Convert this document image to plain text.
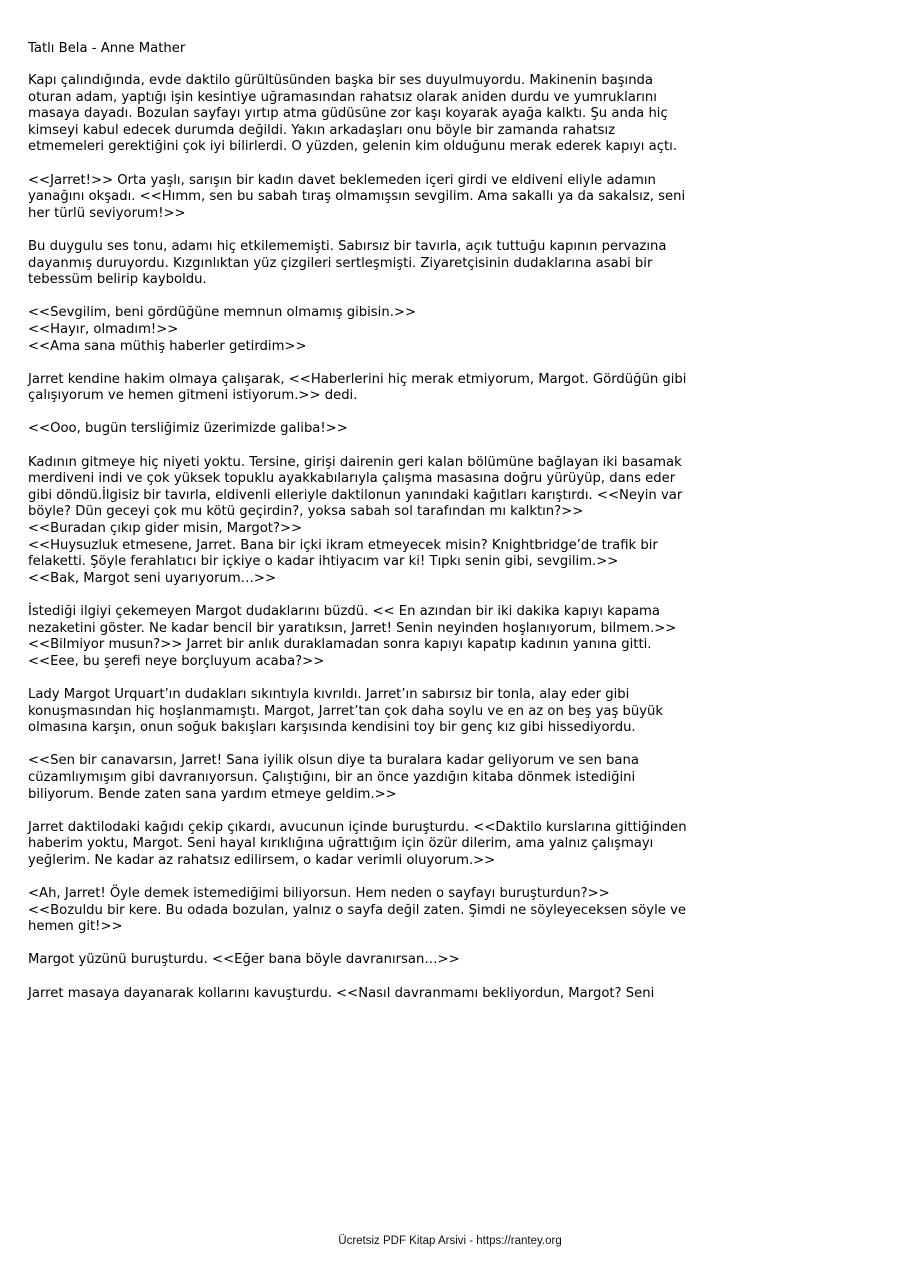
Tatlı Bela - Anne Mather
Kapı çalındığında, evde daktilo gürültüsünden başka bir ses duyulmuyordu. Makinenin başında
oturan adam, yaptığı işin kesintiye uğramasından rahatsız olarak aniden durdu ve yumruklarını
masaya dayadı. Bozulan sayfayı yırtıp atma güdüsüne zor kaşı koyarak ayağa kalktı. Şu anda hiç
kimseyi kabul edecek durumda değildi. Yakın arkadaşları onu böyle bir zamanda rahatsız
etmemeleri gerektiğini çok iyi bilirlerdi. O yüzden, gelenin kim olduğunu merak ederek kapıyı açtı.
<<Jarret!>> Orta yaşlı, sarışın bir kadın davet beklemeden içeri girdi ve eldiveni eliyle adamın
yanağını okşadı. <<Hımm, sen bu sabah tıraş olmamışsın sevgilim. Ama sakallı ya da sakalsız, seni
her türlü seviyorum!>>
Bu duygulu ses tonu, adamı hiç etkilememişti. Sabırsız bir tavırla, açık tuttuğu kapının pervazına
dayanmış duruyordu. Kızgınlıktan yüz çizgileri sertleşmişti. Ziyaretçisinin dudaklarına asabi bir
tebessüm belirip kayboldu.
<<Sevgilim, beni gördüğüne memnun olmamış gibisin.>>
<<Hayır, olmadım!>>
<<Ama sana müthiş haberler getirdim>>
Jarret kendine hakim olmaya çalışarak, <<Haberlerini hiç merak etmiyorum, Margot. Gördüğün gibi
çalışıyorum ve hemen gitmeni istiyorum.>> dedi.
<<Ooo, bugün tersliğimiz üzerimizde galiba!>>
Kadının gitmeye hiç niyeti yoktu. Tersine, girişi dairenin geri kalan bölümüne bağlayan iki basamak
merdiveni indi ve çok yüksek topuklu ayakkabılarıyla çalışma masasına doğru yürüyüp, dans eder
gibi döndü.İlgisiz bir tavırla, eldivenli elleriyle daktilonun yanındaki kağıtları karıştırdı. <<Neyin var
böyle? Dün geceyi çok mu kötü geçirdin?, yoksa sabah sol tarafından mı kalktın?>>
<<Buradan çıkıp gider misin, Margot?>>
<<Huysuzluk etmesene, Jarret. Bana bir içki ikram etmeyecek misin? Knightbridge’de trafik bir
felaketti. Şöyle ferahlatıcı bir içkiye o kadar ihtiyacım var ki! Tıpkı senin gibi, sevgilim.>>
<<Bak, Margot seni uyarıyorum…>>
İstediği ilgiyi çekemeyen Margot dudaklarını büzdü. << En azından bir iki dakika kapıyı kapama
nezaketini göster. Ne kadar bencil bir yaratıksın, Jarret! Senin neyinden hoşlanıyorum, bilmem.>>
<<Bilmiyor musun?>> Jarret bir anlık duraklamadan sonra kapıyı kapatıp kadının yanına gitti.
<<Eee, bu şerefi neye borçluyum acaba?>>
Lady Margot Urquart’ın dudakları sıkıntıyla kıvrıldı. Jarret’ın sabırsız bir tonla, alay eder gibi
konuşmasından hiç hoşlanmamıştı. Margot, Jarret’tan çok daha soylu ve en az on beş yaş büyük
olmasına karşın, onun soğuk bakışları karşısında kendisini toy bir genç kız gibi hissediyordu.
<<Sen bir canavarsın, Jarret! Sana iyilik olsun diye ta buralara kadar geliyorum ve sen bana
cüzamlıymışım gibi davranıyorsun. Çalıştığını, bir an önce yazdığın kitaba dönmek istediğini
biliyorum. Bende zaten sana yardım etmeye geldim.>>
Jarret daktilodaki kağıdı çekip çıkardı, avucunun içinde buruşturdu. <<Daktilo kurslarına gittiğinden
haberim yoktu, Margot. Seni hayal kırıklığına uğrattığım için özür dilerim, ama yalnız çalışmayı
yeğlerim. Ne kadar az rahatsız edilirsem, o kadar verimli oluyorum.>>
<Ah, Jarret! Öyle demek istemediğimi biliyorsun. Hem neden o sayfayı buruşturdun?>>
<<Bozuldu bir kere. Bu odada bozulan, yalnız o sayfa değil zaten. Şimdi ne söyleyeceksen söyle ve
hemen git!>>
Margot yüzünü buruşturdu. <<Eğer bana böyle davranırsan…>>
Jarret masaya dayanarak kollarını kavuşturdu. <<Nasıl davranmamı bekliyordun, Margot? Seni
Ücretsiz PDF Kitap Arsivi - https://rantey.org
